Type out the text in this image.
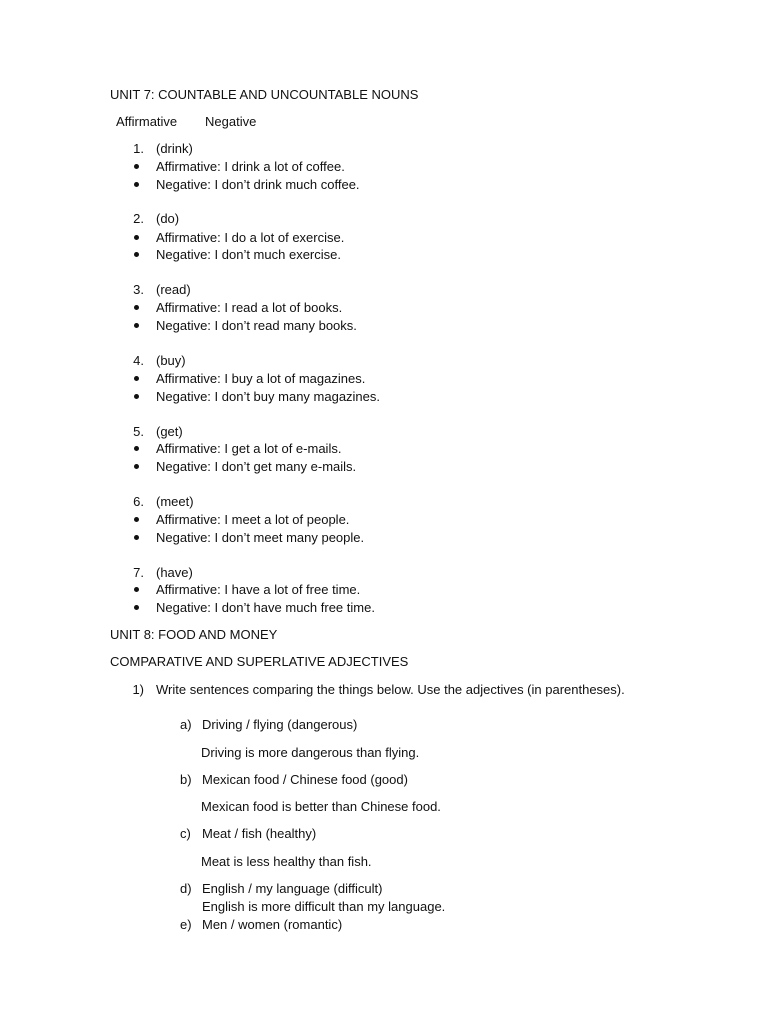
UNIT 7: COUNTABLE AND UNCOUNTABLE NOUNS
Affirmative Negative
1. (drink)
Affirmative: I drink a lot of coffee.
Negative: I don’t drink much coffee.
2. (do)
Affirmative: I do a lot of exercise.
Negative: I don’t much exercise.
3. (read)
Affirmative: I read a lot of books.
Negative: I don’t read many books.
4. (buy)
Affirmative: I buy a lot of magazines.
Negative: I don’t buy many magazines.
5. (get)
Affirmative: I get a lot of e-mails.
Negative: I don’t get many e-mails.
6. (meet)
Affirmative: I meet a lot of people.
Negative: I don’t meet many people.
7. (have)
Affirmative: I have a lot of free time.
Negative: I don’t have much free time.
UNIT 8: FOOD AND MONEY
COMPARATIVE AND SUPERLATIVE ADJECTIVES
1) Write sentences comparing the things below. Use the adjectives (in parentheses).
a) Driving / flying (dangerous)
Driving is more dangerous than flying.
b) Mexican food / Chinese food (good)
Mexican food is better than Chinese food.
c) Meat / fish (healthy)
Meat is less healthy than fish.
d) English / my language (difficult)
English is more difficult than my language.
e) Men / women (romantic)
